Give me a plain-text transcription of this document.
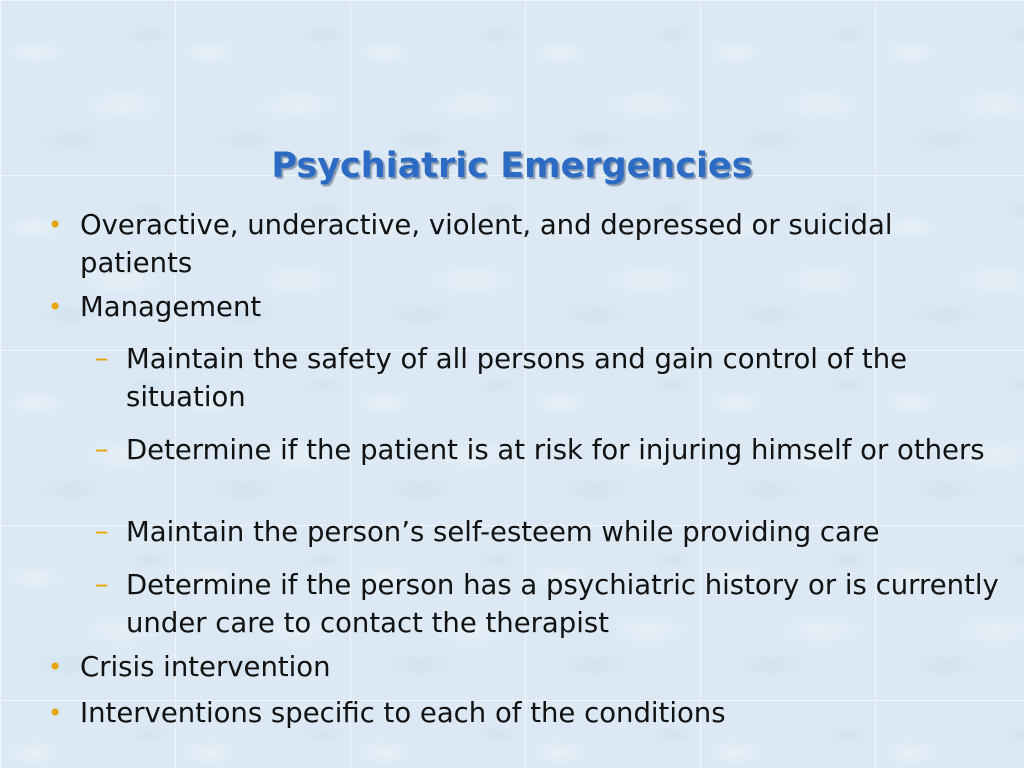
Psychiatric Emergencies
• Overactive, underactive, violent, and depressed or suicidal patients
• Management
– Maintain the safety of all persons and gain control of the situation
– Determine if the patient is at risk for injuring himself or others
– Maintain the person’s self-esteem while providing care
– Determine if the person has a psychiatric history or is currently under care to contact the therapist
• Crisis intervention
• Interventions specific to each of the conditions
